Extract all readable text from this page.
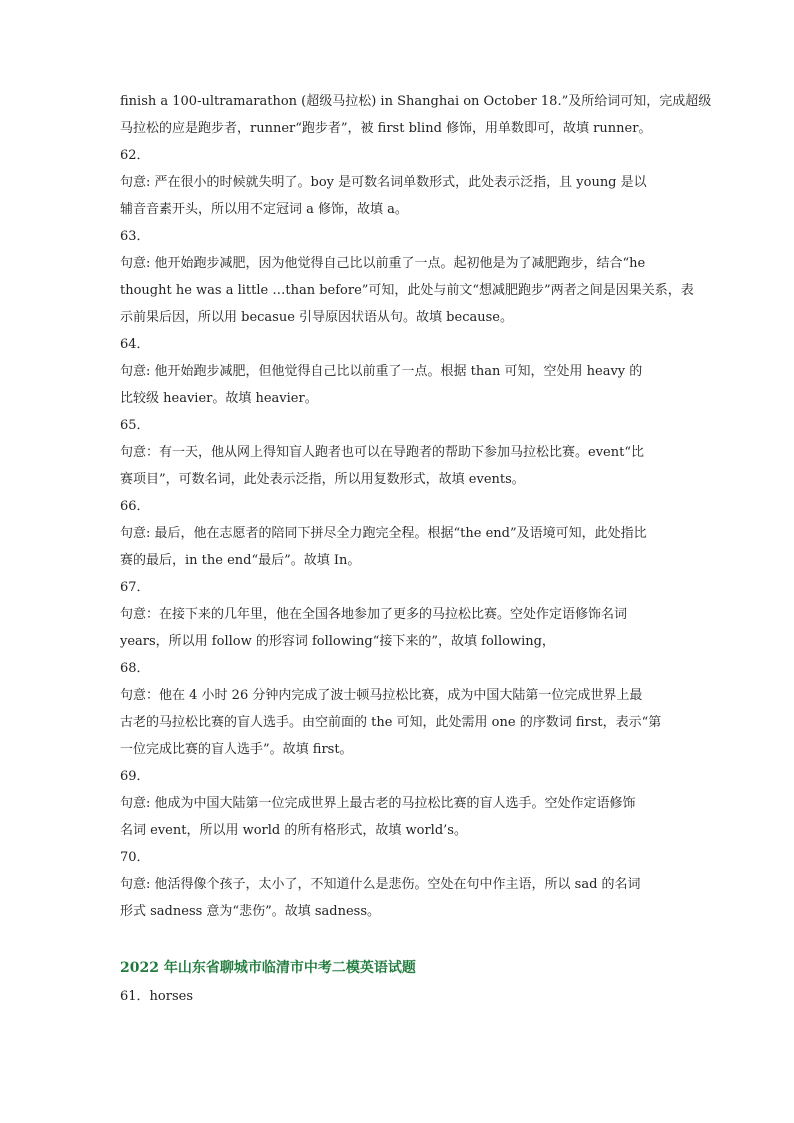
finish a 100-ultramarathon (超级马拉松) in Shanghai on October 18.”及所给词可知，完成超级
马拉松的应是跑步者，runner“跑步者”，被 first blind 修饰，用单数即可，故填 runner。
62．
句意: 严在很小的时候就失明了。boy 是可数名词单数形式，此处表示泛指，且 young 是以
辅音音素开头，所以用不定冠词 a 修饰，故填 a。
63．
句意: 他开始跑步减肥，因为他觉得自己比以前重了一点。起初他是为了减肥跑步，结合“he
thought he was a little …than before”可知，此处与前文“想减肥跑步”两者之间是因果关系，表
示前果后因，所以用 becasue 引导原因状语从句。故填 because。
64．
句意: 他开始跑步减肥，但他觉得自己比以前重了一点。根据 than 可知，空处用 heavy 的
比较级 heavier。故填 heavier。
65．
句意：有一天，他从网上得知盲人跑者也可以在导跑者的帮助下参加马拉松比赛。event“比
赛项目”，可数名词，此处表示泛指，所以用复数形式，故填 events。
66．
句意: 最后，他在志愿者的陪同下拼尽全力跑完全程。根据“the end”及语境可知，此处指比
赛的最后，in the end“最后”。故填 In。
67．
句意：在接下来的几年里，他在全国各地参加了更多的马拉松比赛。空处作定语修饰名词
years，所以用 follow 的形容词 following“接下来的”，故填 following，
68．
句意：他在 4 小时 26 分钟内完成了波士顿马拉松比赛，成为中国大陆第一位完成世界上最
古老的马拉松比赛的盲人选手。由空前面的 the 可知，此处需用 one 的序数词 first，表示“第
一位完成比赛的盲人选手”。故填 first。
69．
句意: 他成为中国大陆第一位完成世界上最古老的马拉松比赛的盲人选手。空处作定语修饰
名词 event，所以用 world 的所有格形式，故填 world’s。
70．
句意: 他活得像个孩子，太小了，不知道什么是悲伤。空处在句中作主语，所以 sad 的名词
形式 sadness 意为“悲伤”。故填 sadness。
2022 年山东省聊城市临清市中考二模英语试题
61．horses
